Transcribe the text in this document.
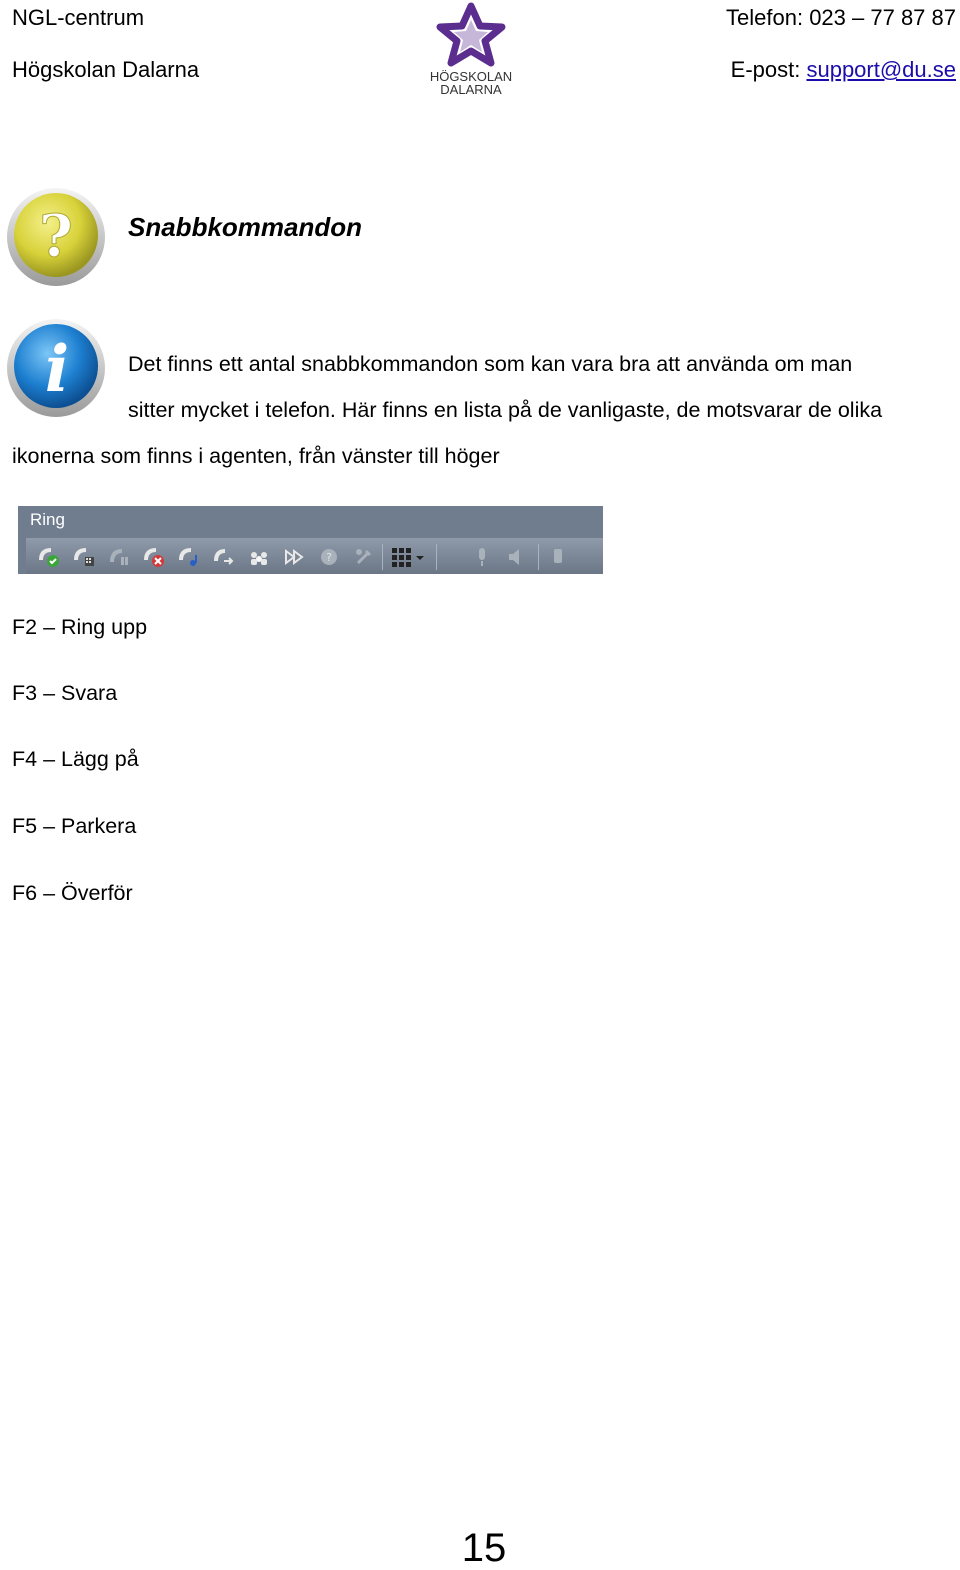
NGL-centrum
Högskolan Dalarna	HÖGSKOLAN
DALARNA
Telefon: 023 – 77 87 87
E-post: support@du.se
? Snabbkommandon
i	Det finns ett antal snabbkommandon som kan vara bra att använda om man
sitter mycket i telefon. Här finns en lista på de vanligaste, de motsvarar de olika
ikonerna som finns i agenten, från vänster till höger
Ring
?
F2 – Ring upp
F3 – Svara
F4 – Lägg på
F5 – Parkera
F6 – Överför
15
